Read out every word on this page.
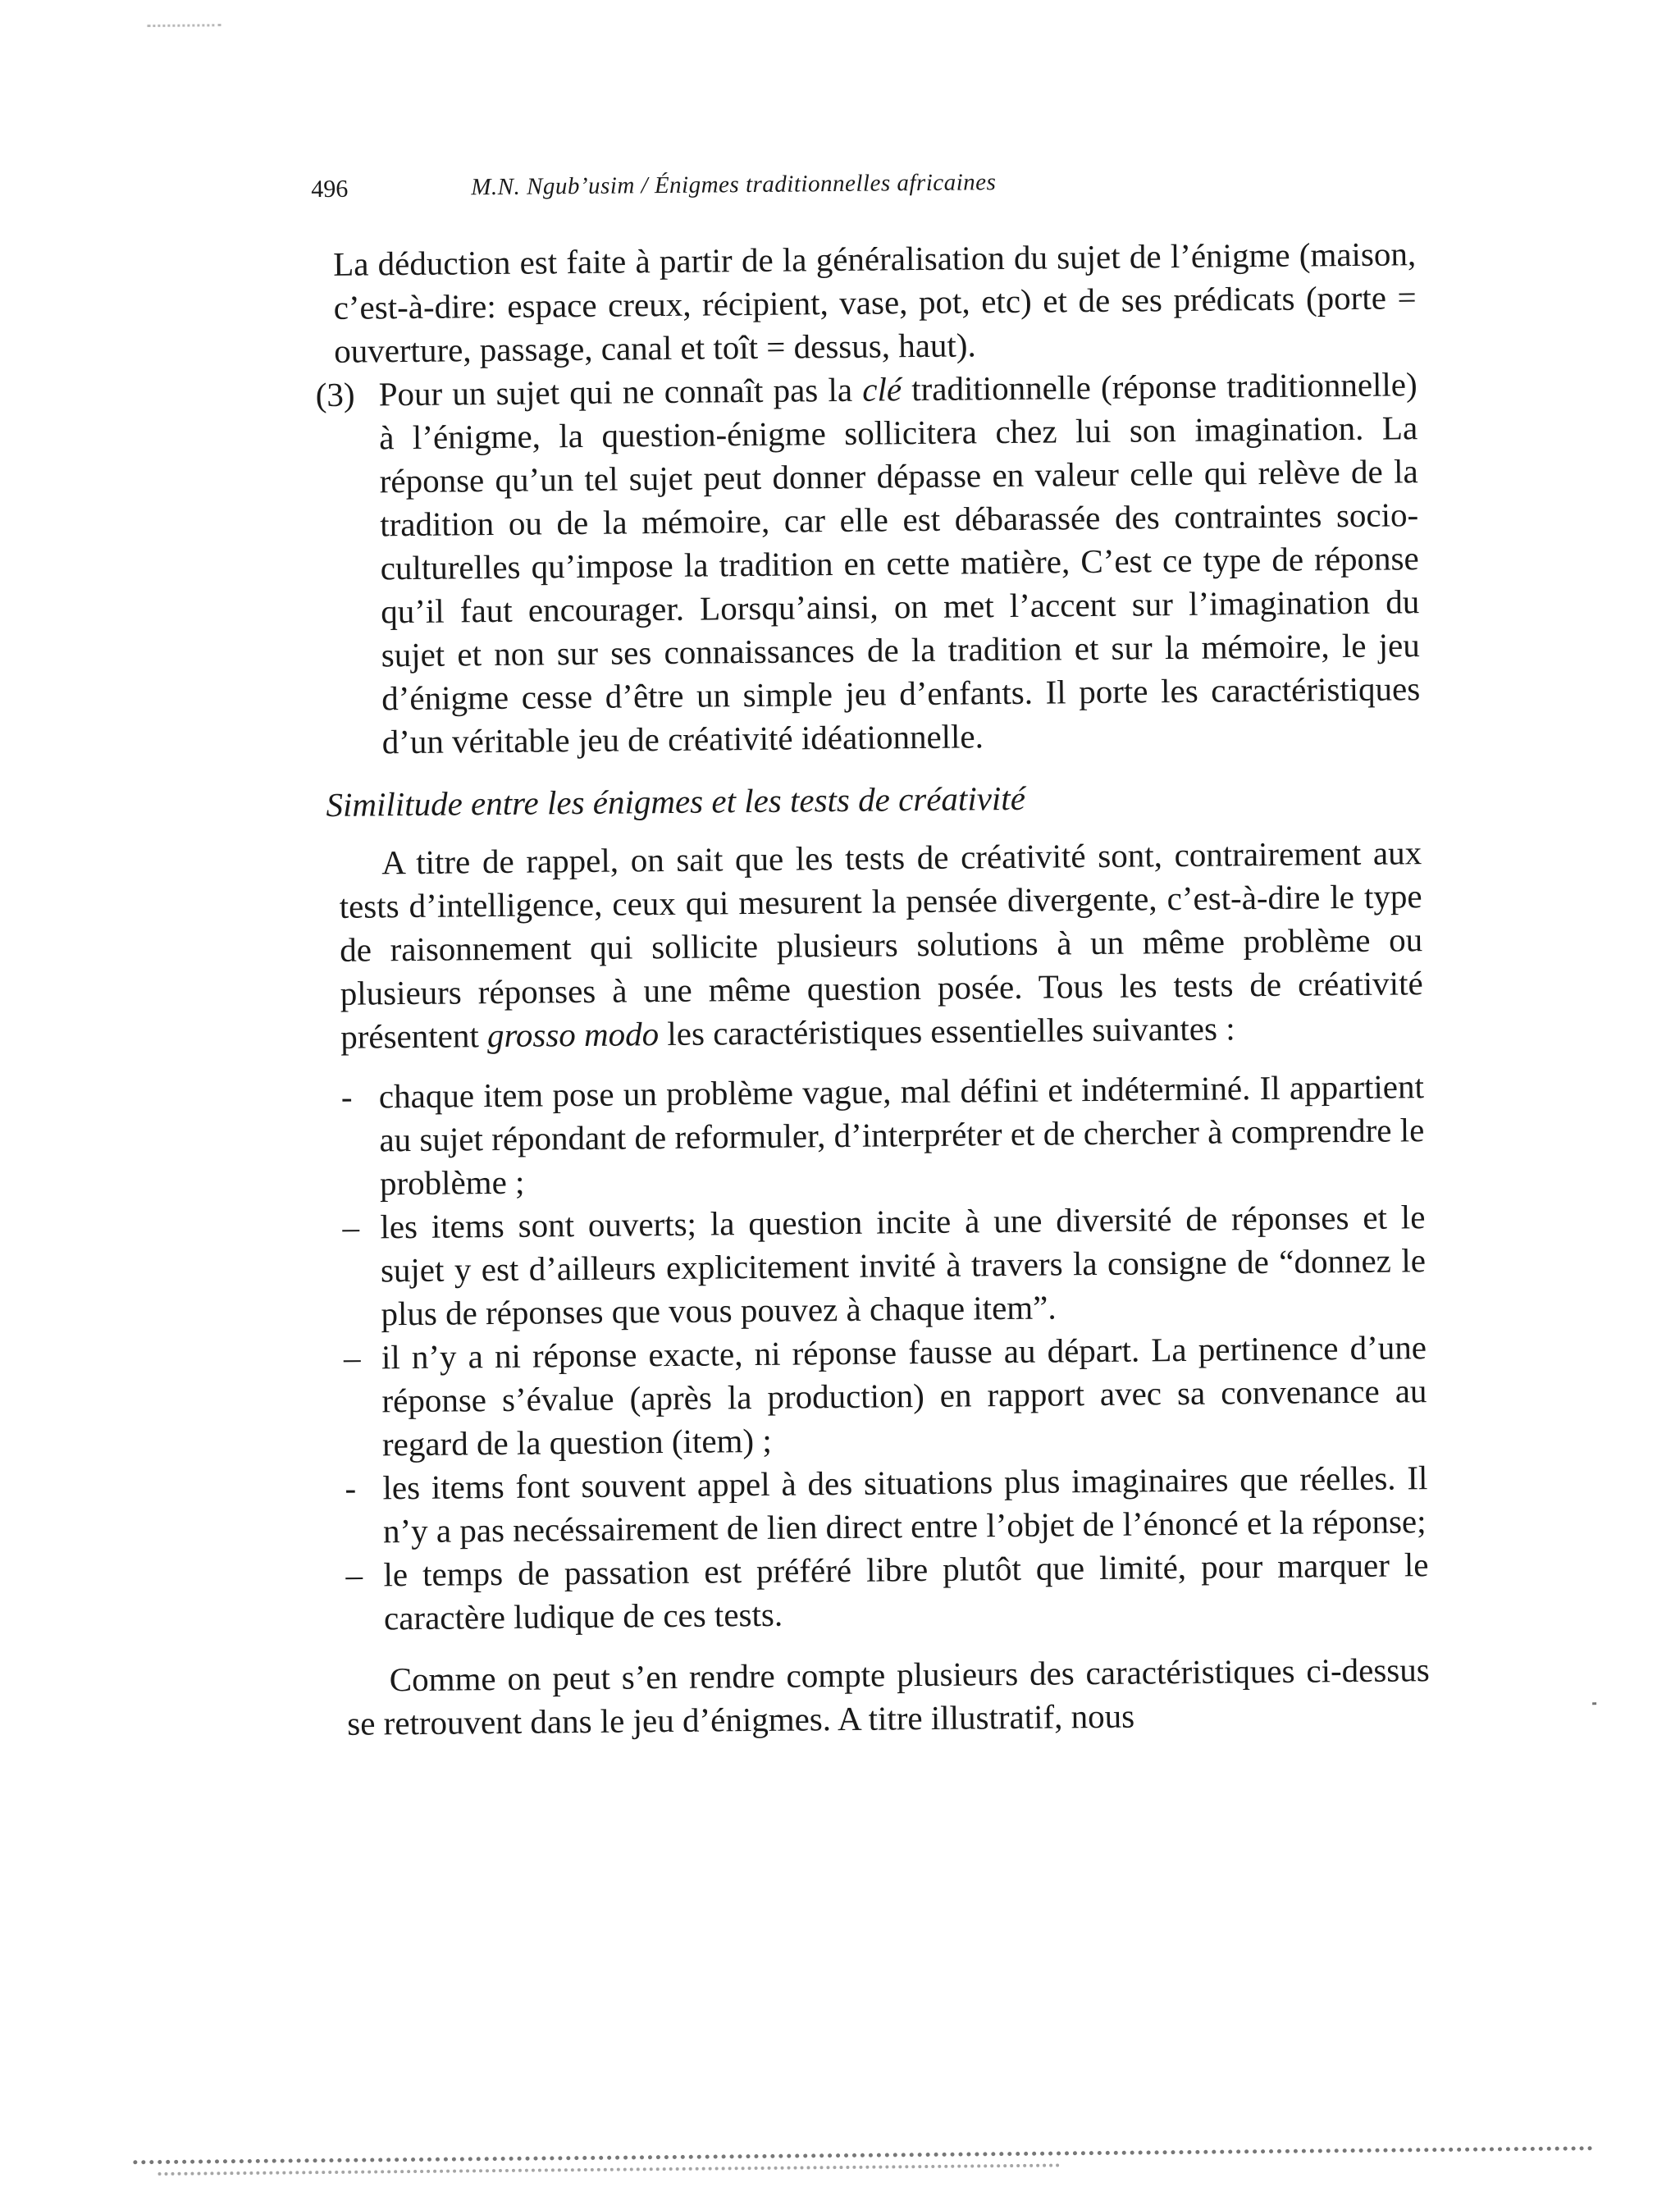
496	M.N. Ngub’usim / Énigmes traditionnelles africaines

La déduction est faite à partir de la généralisation du sujet de l’énigme (maison, c’est-à-dire: espace creux, récipient, vase, pot, etc) et de ses prédicats (porte = ouverture, passage, canal et toît = dessus, haut).

(3) Pour un sujet qui ne connaît pas la clé traditionnelle (réponse traditionnelle) à l’énigme, la question-énigme sollicitera chez lui son imagination. La réponse qu’un tel sujet peut donner dépasse en valeur celle qui relève de la tradition ou de la mémoire, car elle est débarassée des contraintes socio-culturelles qu’impose la tradition en cette matière, C’est ce type de réponse qu’il faut encourager. Lorsqu’ainsi, on met l’accent sur l’imagination du sujet et non sur ses connaissances de la tradition et sur la mémoire, le jeu d’énigme cesse d’être un simple jeu d’enfants. Il porte les caractéristiques d’un véritable jeu de créativité idéationnelle.

Similitude entre les énigmes et les tests de créativité

A titre de rappel, on sait que les tests de créativité sont, contrairement aux tests d’intelligence, ceux qui mesurent la pensée divergente, c’est-à-dire le type de raisonnement qui sollicite plusieurs solutions à un même problème ou plusieurs réponses à une même question posée. Tous les tests de créativité présentent grosso modo les caractéristiques essentielles suivantes :

- chaque item pose un problème vague, mal défini et indéterminé. Il appartient au sujet répondant de reformuler, d’interpréter et de chercher à comprendre le problème ;
– les items sont ouverts; la question incite à une diversité de réponses et le sujet y est d’ailleurs explicitement invité à travers la consigne de “donnez le plus de réponses que vous pouvez à chaque item”.
– il n’y a ni réponse exacte, ni réponse fausse au départ. La pertinence d’une réponse s’évalue (après la production) en rapport avec sa convenance au regard de la question (item) ;
- les items font souvent appel à des situations plus imaginaires que réelles. Il n’y a pas necéssairement de lien direct entre l’objet de l’énoncé et la réponse;
– le temps de passation est préféré libre plutôt que limité, pour marquer le caractère ludique de ces tests.

Comme on peut s’en rendre compte plusieurs des caractéristiques ci-dessus se retrouvent dans le jeu d’énigmes. A titre illustratif, nous
